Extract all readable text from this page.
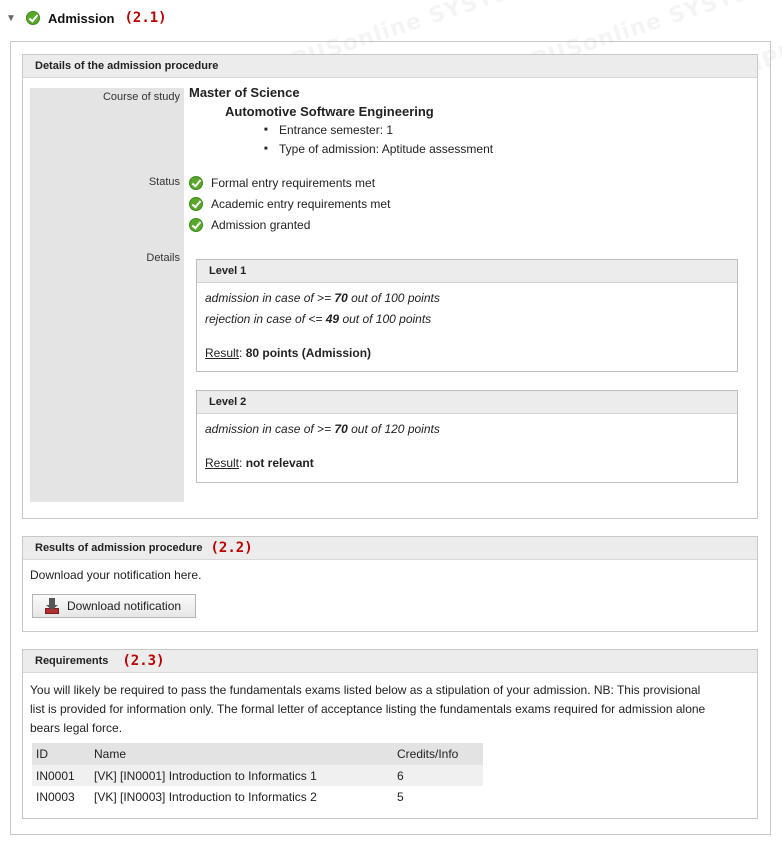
▼	Admission (2.1)
Details of the admission procedure
Course of study Master of Science
Automotive Software Engineering
■ Entrance semester: 1
■ Type of admission: Aptitude assessment
Status	Formal entry requirements met
Academic entry requirements met
Admission granted
Details
Level 1
admission in case of >= 70 out of 100 points
rejection in case of <= 49 out of 100 points
Result: 80 points (Admission)
Level 2
admission in case of >= 70 out of 120 points
Result: not relevant
Results of admission procedure (2.2)
Download your notification here.
Download notification
Requirements (2.3)
You will likely be required to pass the fundamentals exams listed below as a stipulation of your admission. NB: This provisional
list is provided for information only. The formal letter of acceptance listing the fundamentals exams required for admission alone
bears legal force.
ID	Name	Credits/Info
IN0001	[VK] [IN0001] Introduction to Informatics 1	6
IN0003	[VK] [IN0003] Introduction to Informatics 2	5
